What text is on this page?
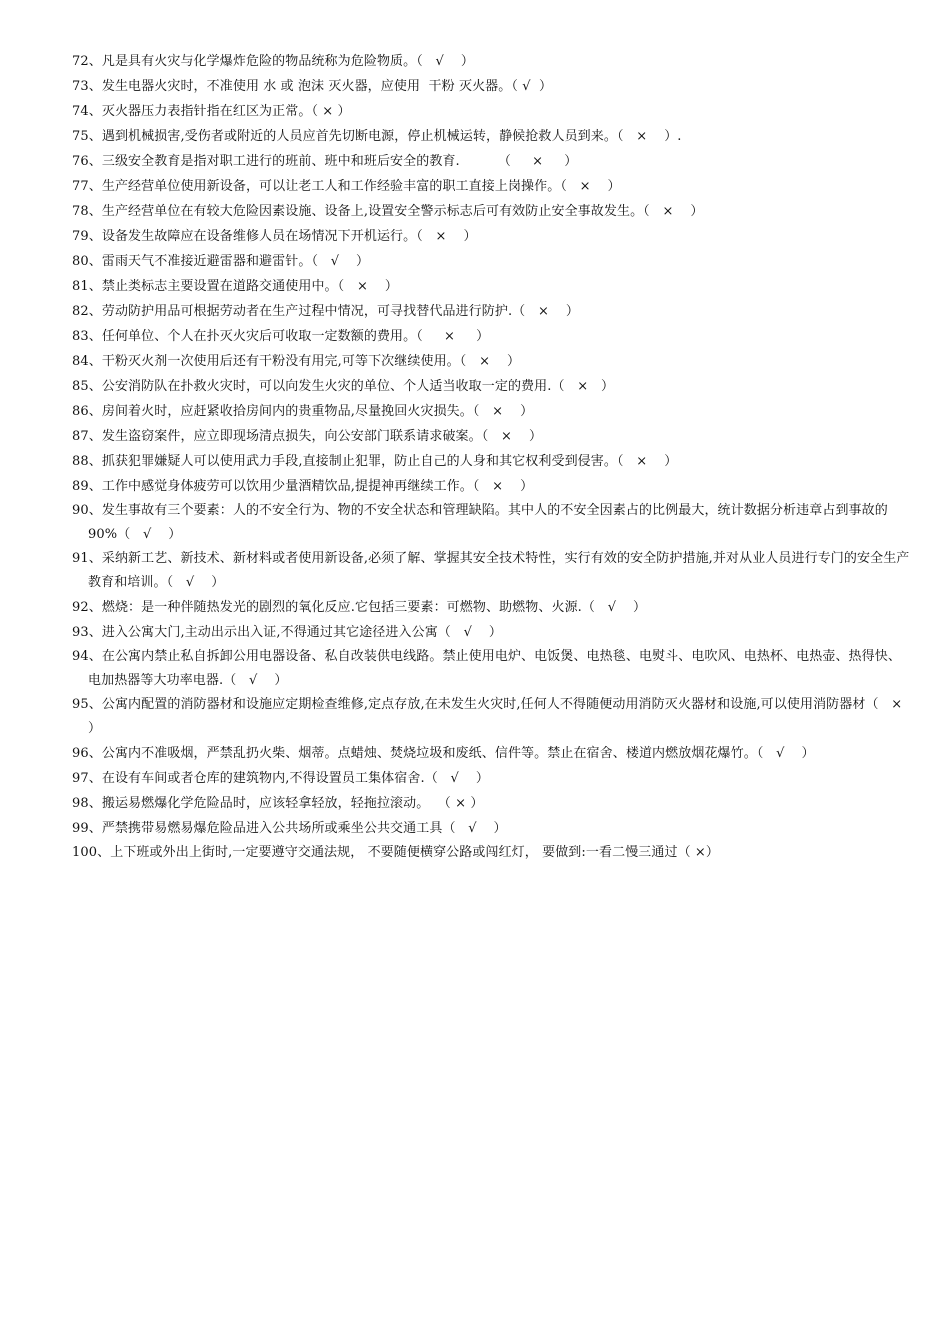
72、凡是具有火灾与化学爆炸危险的物品统称为危险物质。（   √    ）
73、发生电器火灾时，不准使用 水 或 泡沫 灭火器，应使用  干粉 灭火器。（ √  ）
74、灭火器压力表指针指在红区为正常。（ × ）
75、遇到机械损害,受伤者或附近的人员应首先切断电源，停止机械运转，静候抢救人员到来。（   ×    ）.
76、三级安全教育是指对职工进行的班前、班中和班后安全的教育.         （     ×     ）
77、生产经营单位使用新设备，可以让老工人和工作经验丰富的职工直接上岗操作。（   ×    ）
78、生产经营单位在有较大危险因素设施、设备上,设置安全警示标志后可有效防止安全事故发生。（   ×    ）
79、设备发生故障应在设备维修人员在场情况下开机运行。（   ×    ）
80、雷雨天气不准接近避雷器和避雷针。（   √    ）
81、禁止类标志主要设置在道路交通使用中。（   ×    ）
82、劳动防护用品可根据劳动者在生产过程中情况，可寻找替代品进行防护.（   ×    ）
83、任何单位、个人在扑灭火灾后可收取一定数额的费用。（     ×     ）
84、干粉灭火剂一次使用后还有干粉没有用完,可等下次继续使用。（   ×    ）
85、公安消防队在扑救火灾时，可以向发生火灾的单位、个人适当收取一定的费用.（   ×   ）
86、房间着火时，应赶紧收拾房间内的贵重物品,尽量挽回火灾损失。（   ×    ）
87、发生盗窃案件，应立即现场清点损失，向公安部门联系请求破案。（   ×    ）
88、抓获犯罪嫌疑人可以使用武力手段,直接制止犯罪，防止自己的人身和其它权利受到侵害。（   ×    ）
89、工作中感觉身体疲劳可以饮用少量酒精饮品,提提神再继续工作。（   ×    ）
90、发生事故有三个要素：人的不安全行为、物的不安全状态和管理缺陷。其中人的不安全因素占的比例最大，统计数据分析违章占到事故的90%（   √    ）
91、采纳新工艺、新技术、新材料或者使用新设备,必须了解、掌握其安全技术特性，实行有效的安全防护措施,并对从业人员进行专门的安全生产教育和培训。（   √    ）
92、燃烧：是一种伴随热发光的剧烈的氧化反应.它包括三要素：可燃物、助燃物、火源.（   √    ）
93、进入公寓大门,主动出示出入证,不得通过其它途径进入公寓（   √    ）
94、在公寓内禁止私自拆卸公用电器设备、私自改装供电线路。禁止使用电炉、电饭煲、电热毯、电熨斗、电吹风、电热杯、电热壶、热得快、电加热器等大功率电器.（   √    ）
95、公寓内配置的消防器材和设施应定期检查维修,定点存放,在未发生火灾时,任何人不得随便动用消防灭火器材和设施,可以使用消防器材（   ×    ）
96、公寓内不准吸烟，严禁乱扔火柴、烟蒂。点蜡烛、焚烧垃圾和废纸、信件等。禁止在宿舍、楼道内燃放烟花爆竹。（   √    ）
97、在设有车间或者仓库的建筑物内,不得设置员工集体宿舍.（   √    ）
98、搬运易燃爆化学危险品时，应该轻拿轻放，轻拖拉滚动。  （ × ）
99、严禁携带易燃易爆危险品进入公共场所或乘坐公共交通工具（   √    ）
100、上下班或外出上街时,一定要遵守交通法规， 不要随便横穿公路或闯红灯， 要做到:一看二慢三通过（ ×）
